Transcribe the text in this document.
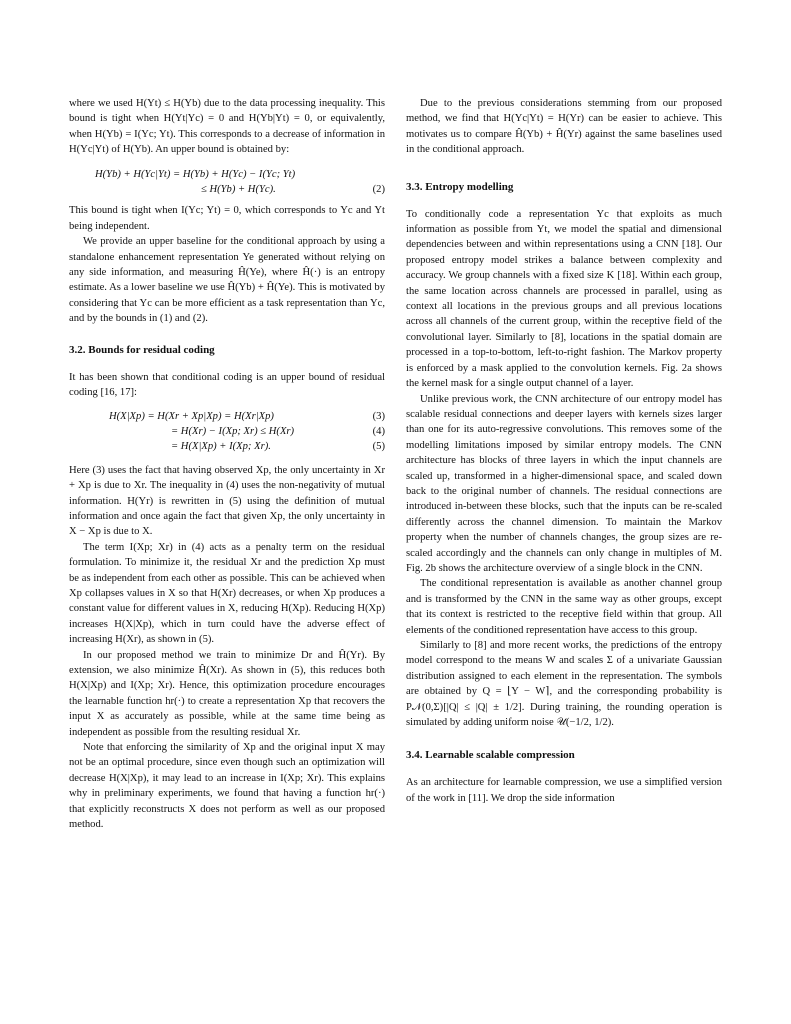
where we used H(Yt) ≤ H(Yb) due to the data processing inequality. This bound is tight when H(Yt|Yc) = 0 and H(Yb|Yt) = 0, or equivalently, when H(Yb) = I(Yc; Yt). This corresponds to a decrease of information in H(Yc|Yt) of H(Yb). An upper bound is obtained by:

H(Yb) + H(Yc|Yt) = H(Yb) + H(Yc) − I(Yc; Yt)
≤ H(Yb) + H(Yc).	(2)

This bound is tight when I(Yc; Yt) = 0, which corresponds to Yc and Yt being independent.

We provide an upper baseline for the conditional approach by using a standalone enhancement representation Ye generated without relying on any side information, and measuring Ĥ(Ye), where Ĥ(·) is an entropy estimate. As a lower baseline we use Ĥ(Yb) + Ĥ(Ye). This is motivated by considering that Yc can be more efficient as a task representation than Yc, and by the bounds in (1) and (2).

3.2. Bounds for residual coding

It has been shown that conditional coding is an upper bound of residual coding [16, 17]:

H(X|Xp) = H(Xr + Xp|Xp) = H(Xr|Xp)	(3)
= H(Xr) − I(Xp; Xr) ≤ H(Xr)	(4)
= H(X|Xp) + I(Xp; Xr).	(5)

Here (3) uses the fact that having observed Xp, the only uncertainty in Xr + Xp is due to Xr. The inequality in (4) uses the non-negativity of mutual information. H(Yr) is rewritten in (5) using the definition of mutual information and once again the fact that given Xp, the only uncertainty in X − Xp is due to X.

The term I(Xp; Xr) in (4) acts as a penalty term on the residual formulation. To minimize it, the residual Xr and the prediction Xp must be as independent from each other as possible. This can be achieved when Xp collapses values in X so that H(Xr) decreases, or when Xp produces a constant value for different values in X, reducing H(Xp). Reducing H(Xp) increases H(X|Xp), which in turn could have the adverse effect of increasing H(Xr), as shown in (5).

In our proposed method we train to minimize Dr and Ĥ(Yr). By extension, we also minimize Ĥ(Xr). As shown in (5), this reduces both H(X|Xp) and I(Xp; Xr). Hence, this optimization procedure encourages the learnable function hr(·) to create a representation Xp that recovers the input X as accurately as possible, while at the same time being as independent as possible from the resulting residual Xr.

Note that enforcing the similarity of Xp and the original input X may not be an optimal procedure, since even though such an optimization will decrease H(X|Xp), it may lead to an increase in I(Xp; Xr). This explains why in preliminary experiments, we found that having a function hr(·) that explicitly reconstructs X does not perform as well as our proposed method.

Due to the previous considerations stemming from our proposed method, we find that H(Yc|Yt) = H(Yr) can be easier to achieve. This motivates us to compare Ĥ(Yb) + Ĥ(Yr) against the same baselines used in the conditional approach.

3.3. Entropy modelling

To conditionally code a representation Yc that exploits as much information as possible from Yt, we model the spatial and dimensional dependencies between and within representations using a CNN [18]. Our proposed entropy model strikes a balance between complexity and accuracy. We group channels with a fixed size K [18]. Within each group, the same location across channels are processed in parallel, using as context all locations in the previous groups and all previous locations across all channels of the current group, within the receptive field of the convolutional layer. Similarly to [8], locations in the spatial domain are processed in a top-to-bottom, left-to-right fashion. The Markov property is enforced by a mask applied to the convolution kernels. Fig. 2a shows the kernel mask for a single output channel of a layer.

Unlike previous work, the CNN architecture of our entropy model has scalable residual connections and deeper layers with kernels sizes larger than one for its auto-regressive convolutions. This removes some of the modelling limitations imposed by similar entropy models. The CNN architecture has blocks of three layers in which the input channels are scaled up, transformed in a higher-dimensional space, and scaled down back to the original number of channels. The residual connections are introduced in-between these blocks, such that the inputs can be re-scaled differently across the channel dimension. To maintain the Markov property when the number of channels changes, the group sizes are re-scaled accordingly and the channels can only change in multiples of M. Fig. 2b shows the architecture overview of a single block in the CNN.

The conditional representation is available as another channel group and is transformed by the CNN in the same way as other groups, except that its context is restricted to the receptive field within that group. All elements of the conditioned representation have access to this group.

Similarly to [8] and more recent works, the predictions of the entropy model correspond to the means W and scales Σ of a univariate Gaussian distribution assigned to each element in the representation. The symbols are obtained by Q = ⌊Y − W⌉, and the corresponding probability is P𝒩(0,Σ)[|Q| ≤ |Q| ± 1/2]. During training, the rounding operation is simulated by adding uniform noise 𝒰(−1/2, 1/2).

3.4. Learnable scalable compression

As an architecture for learnable compression, we use a simplified version of the work in [11]. We drop the side information
